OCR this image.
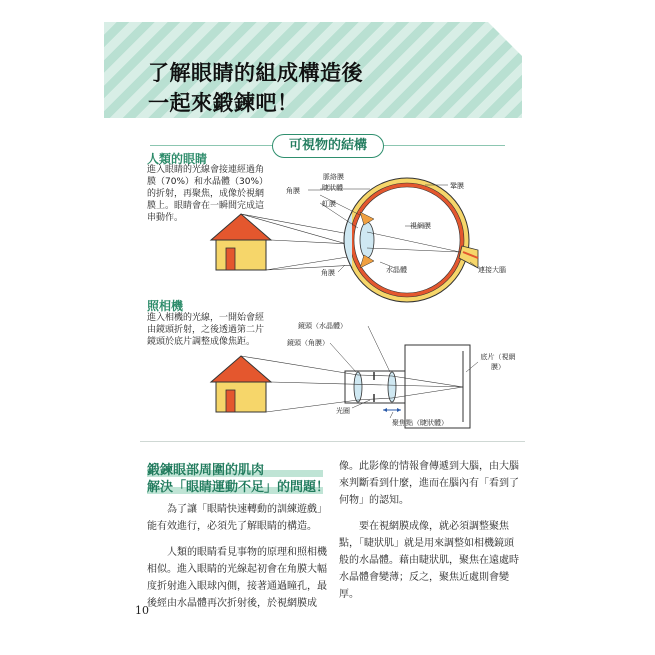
了解眼睛的組成構造後
一起來鍛鍊吧！
可視物的結構
人類的眼睛
進入眼睛的光線會接連經過角膜（70%）和水晶體（30%）的折射，再聚焦，成像於視網膜上。眼睛會在一瞬間完成這串動作。
照相機
進入相機的光線，一開始會經由鏡頭折射，之後透過第二片鏡頭於底片調整成像焦距。
脈絡膜
睫狀體
角膜
虹膜
鞏膜
視網膜
水晶體
角膜	連接大腦
鏡頭（水晶體）
鏡頭（角膜）
光圈
底片（視網膜）
聚焦點（睫狀體）
鍛鍊眼部周圍的肌肉
解決「眼睛運動不足」的問題！

為了讓「眼睛快速轉動的訓練遊戲」能有效進行，必須先了解眼睛的構造。

人類的眼睛看見事物的原理和照相機相似。進入眼睛的光線起初會在角膜大幅度折射進入眼球內側，接著通過瞳孔，最後經由水晶體再次折射後，於視網膜成

像。此影像的情報會傳遞到大腦，由大腦來判斷看到什麼，進而在腦內有「看到了何物」的認知。

要在視網膜成像，就必須調整聚焦點，「睫狀肌」就是用來調整如相機鏡頭般的水晶體。藉由睫狀肌，聚焦在遠處時水晶體會變薄；反之，聚焦近處則會變厚。

10
